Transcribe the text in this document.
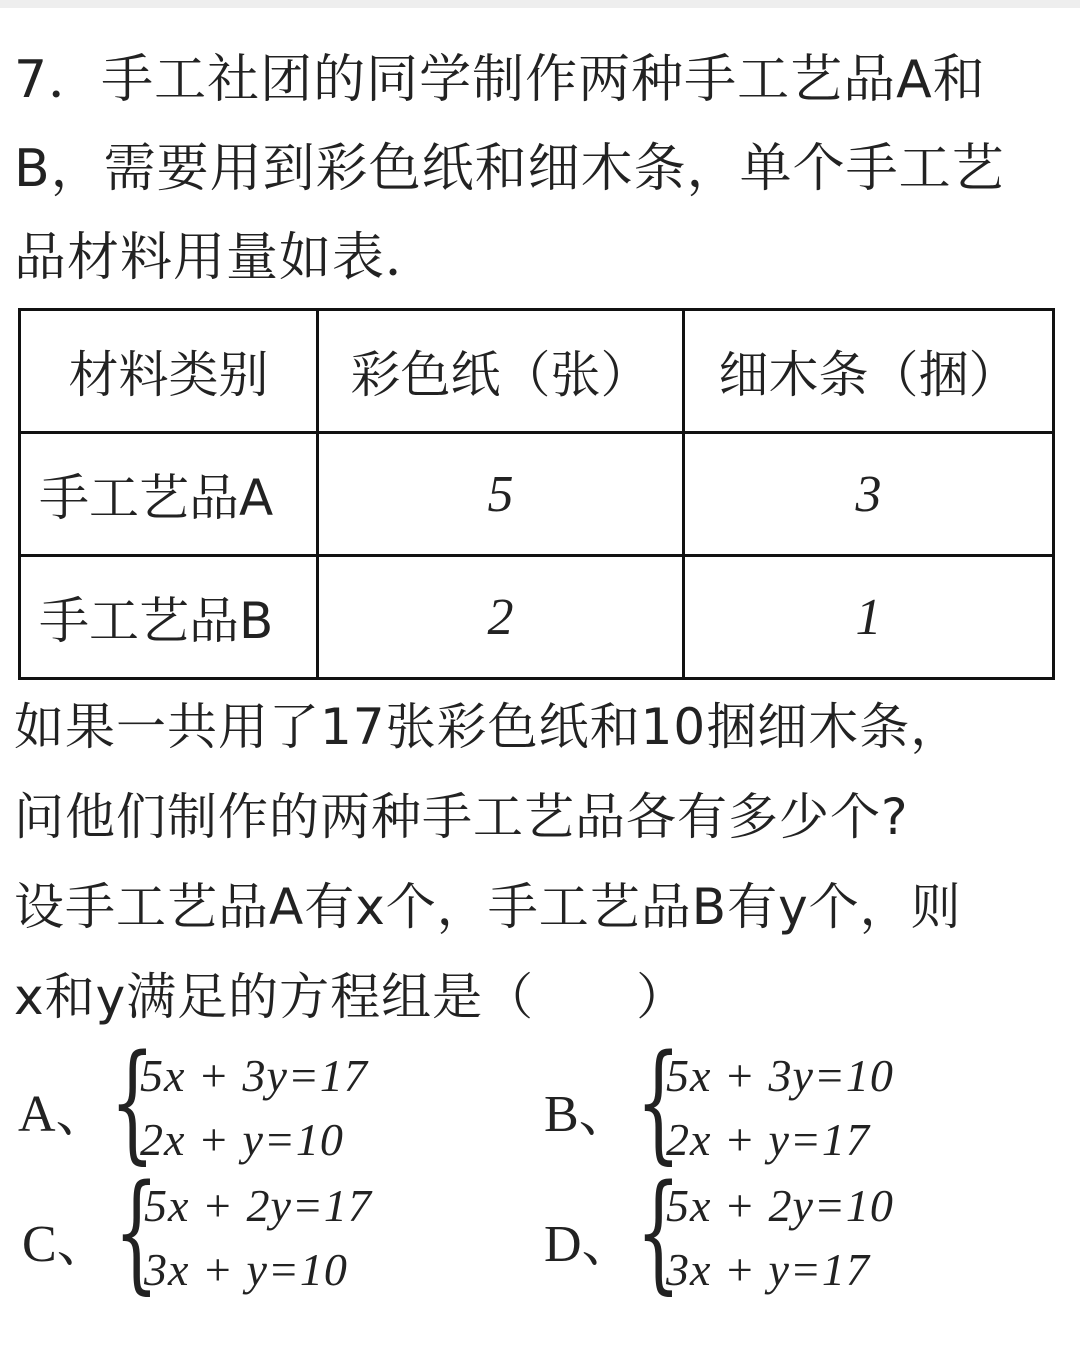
7．手工社团的同学制作两种手工艺品A和

B，需要用到彩色纸和细木条，单个手工艺

品材料用量如表．

材料类别	彩色纸（张）	细木条（捆）
手工艺品A	5	3
手工艺品B	2	1

如果一共用了17张彩色纸和10捆细木条，

问他们制作的两种手工艺品各有多少个?

设手工艺品A有x个，手工艺品B有y个，则

x和y满足的方程组是（　　）

A、 {
5x + 3y=17
2x + y=10	B、 {
5x + 3y=10
2x + y=17
C、 {
5x + 2y=17
3x + y=10	D、 {
5x + 2y=10
3x + y=17
